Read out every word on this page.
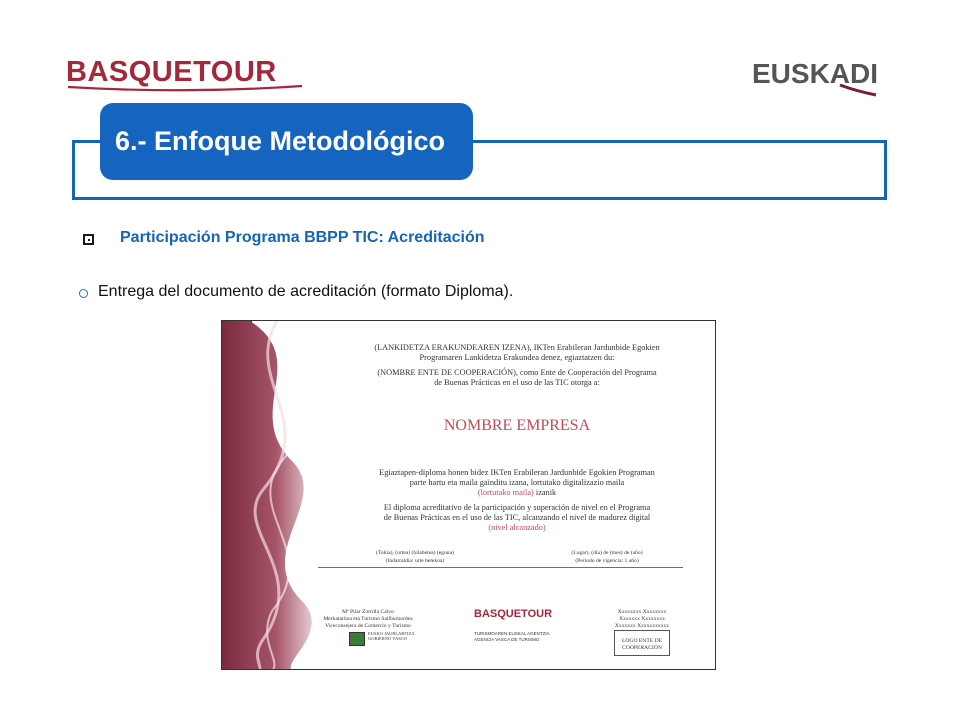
BASQUETOUR	EUSKADI
6.- Enfoque Metodológico
Participación Programa BBPP TIC: Acreditación
Entrega del documento de acreditación (formato Diploma).
(LANKIDETZA ERAKUNDEAREN IZENA), IKTen Erabileran Jardunbide Egokien
Programaren Lankidetza Erakundea denez, egiaztatzen du:
(NOMBRE ENTE DE COOPERACIÓN), como Ente de Cooperación del Programa
de Buenas Prácticas en el uso de las TIC otorga a:
NOMBRE EMPRESA
Egiaztapen-diploma honen bidez IKTen Erabileran Jardunbide Egokien Programan
parte hartu eta maila gainditu izana, lortutako digitalizazio maila
(lortutako maila) izanik
El diploma acreditativo de la participación y superación de nivel en el Programa
de Buenas Prácticas en el uso de las TIC, alcanzando el nivel de madurez digital
(nivel alcanzado)
(Tokia), (urtea) (hilabetea) (eguna)
(Indarraldia: urte betekoa)
(Lugar), (día) de (mes) de (año)
(Periodo de vigencia: 1 año)
Mª Pilar Zorrilla Calvo
Merkataritza eta Turismo Sailburuordea
Viceconsejera de Comercio y Turismo
EUSKO JAURLARITZA
GOBIERNO VASCO
BASQUETOUR
TURISMOAREN EUSKAL AGENTZIA
AGENCIA VASCA DE TURISMO
Xxxxxxxx Xxxxxxxx
Xxxxxxx Xxxxxxxx
Xxxxxxx Xxxxxxxxxxx
LOGO ENTE DE COOPERACIÓN
